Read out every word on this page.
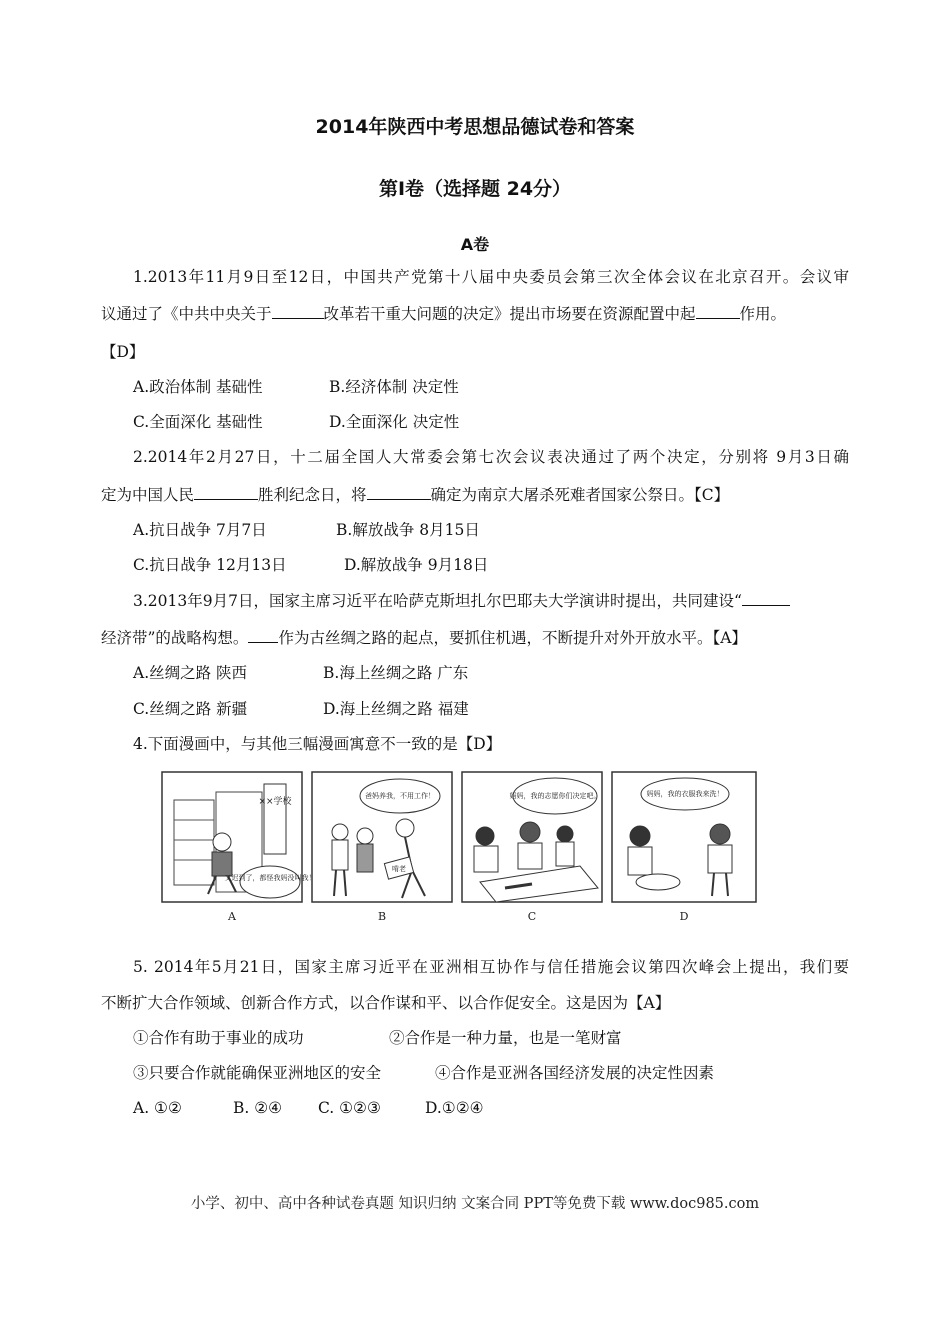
2014年陕西中考思想品德试卷和答案
第Ⅰ卷（选择题 24分）
A卷
1.2013年11月9日至12日，中国共产党第十八届中央委员会第三次全体会议在北京召开。会议审
议通过了《中共中央关于	改革若干重大问题的决定》提出市场要在资源配置中起	作用。
【D】
A.政治体制 基础性	B.经济体制 决定性
C.全面深化 基础性	D.全面深化 决定性
2.2014年2月27日，十二届全国人大常委会第七次会议表决通过了两个决定，分别将 9月3日确
定为中国人民	胜利纪念日，将	确定为南京大屠杀死难者国家公祭日。【C】
A.抗日战争 7月7日	B.解放战争 8月15日
C.抗日战争 12月13日	D.解放战争 9月18日
3.2013年9月7日，国家主席习近平在哈萨克斯坦扎尔巴耶夫大学演讲时提出，共同建设“
经济带”的战略构想。 作为古丝绸之路的起点，要抓住机遇，不断提升对外开放水平。【A】
A.丝绸之路 陕西	B.海上丝绸之路 广东
C.丝绸之路 新疆	D.海上丝绸之路 福建
4.下面漫画中，与其他三幅漫画寓意不一致的是【D】
××学校
又迟到了，都怪我妈没叫我！
A
爸妈养我，不用工作！
啃老
B
妈妈，我的志愿你们决定吧。
C
妈妈，我的衣服我来洗！
D
5. 2014年5月21日，国家主席习近平在亚洲相互协作与信任措施会议第四次峰会上提出，我们要
不断扩大合作领域、创新合作方式，以合作谋和平、以合作促安全。这是因为【A】
①合作有助于事业的成功	②合作是一种力量，也是一笔财富
③只要合作就能确保亚洲地区的安全	④合作是亚洲各国经济发展的决定性因素
A. ①②	B. ②④ C. ①②③	D.①②④
小学、初中、高中各种试卷真题 知识归纳 文案合同 PPT等免费下载 www.doc985.com
